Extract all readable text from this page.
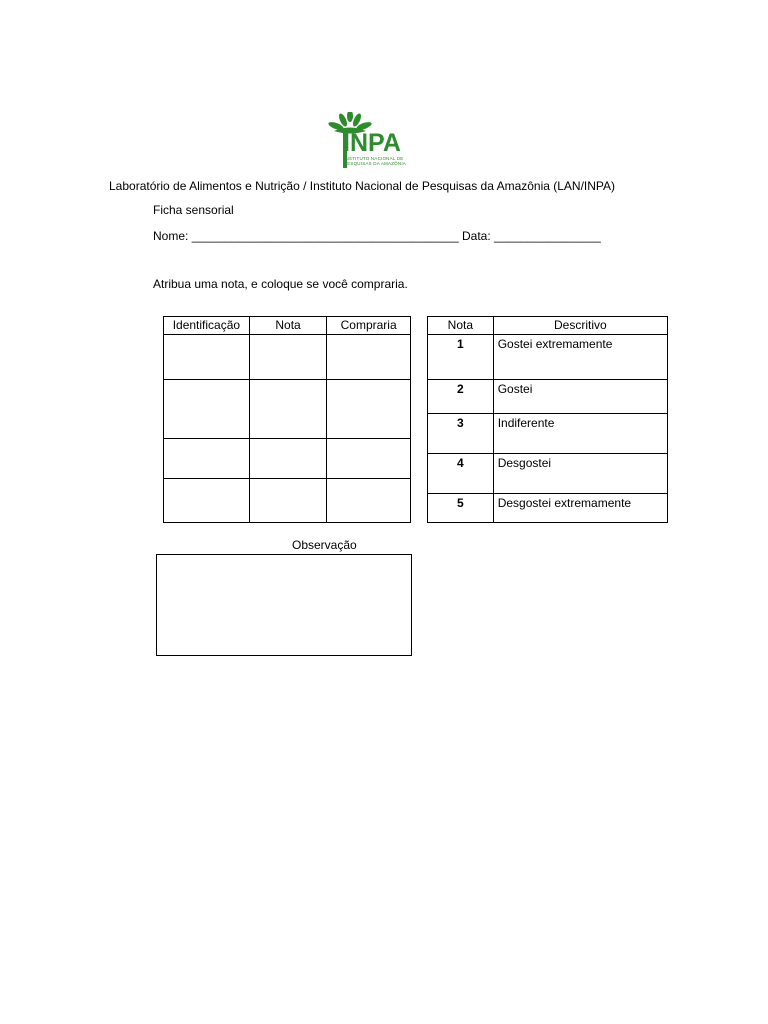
INPA
INSTITUTO NACIONAL DE
PESQUISAS DA AMAZÔNIA
Laboratório de Alimentos e Nutrição / Instituto Nacional de Pesquisas da Amazônia (LAN/INPA)
Ficha sensorial
Nome: ________________________________________ Data: ________________
Atribua uma nota, e coloque se você compraria.
Identificação	Nota	Compraria

			Nota	Descritivo
1	Gostei extremamente
2	Gostei
3	Indiferente
4	Desgostei
5	Desgostei extremamente
Observação
